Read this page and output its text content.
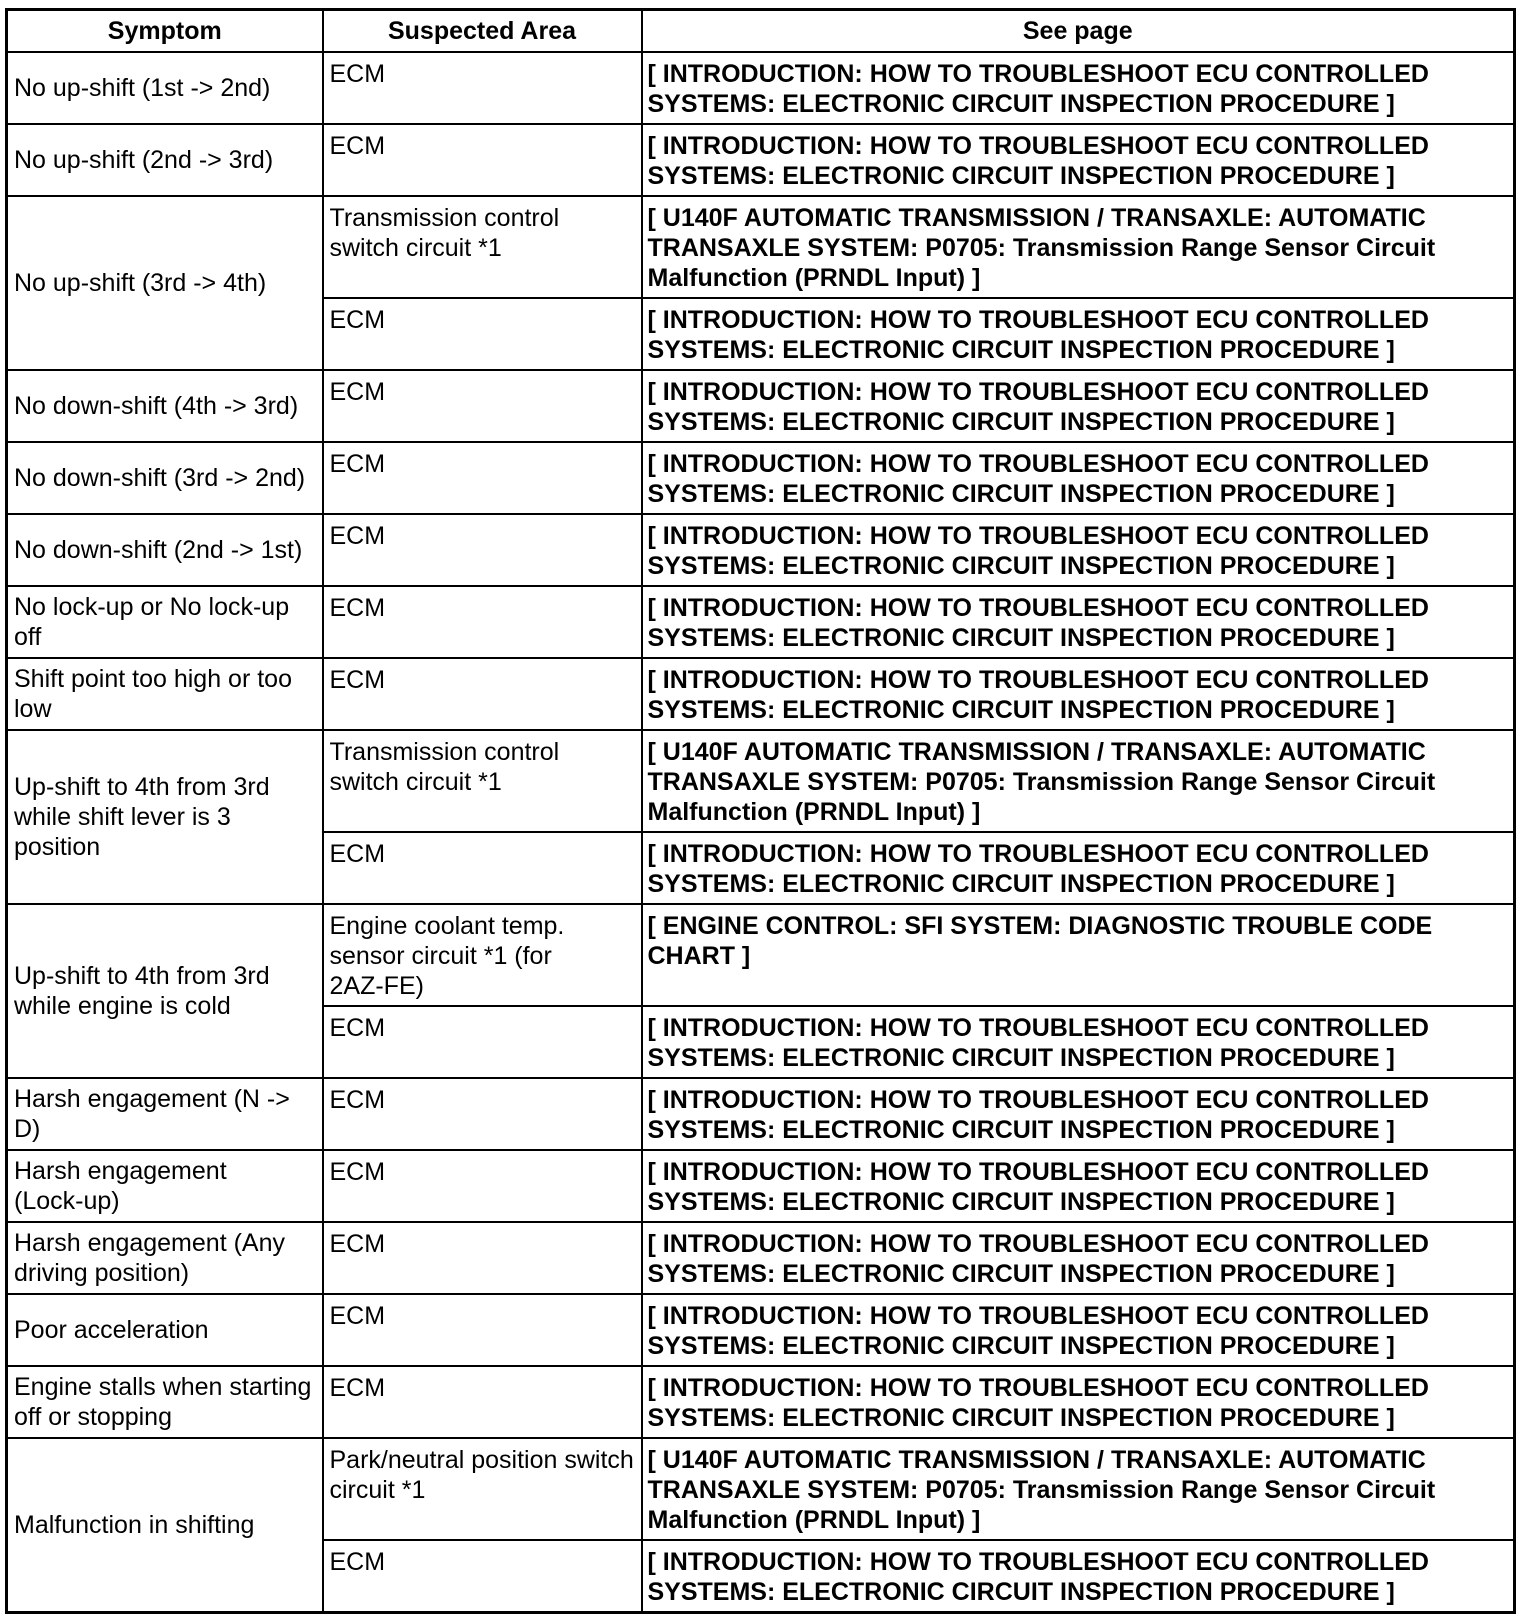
Symptom	Suspected Area	See page
No up-shift (1st -> 2nd)	ECM	[ INTRODUCTION: HOW TO TROUBLESHOOT ECU CONTROLLED
SYSTEMS: ELECTRONIC CIRCUIT INSPECTION PROCEDURE ]
No up-shift (2nd -> 3rd)	ECM	[ INTRODUCTION: HOW TO TROUBLESHOOT ECU CONTROLLED
SYSTEMS: ELECTRONIC CIRCUIT INSPECTION PROCEDURE ]
No up-shift (3rd -> 4th)	Transmission control
switch circuit *1	[ U140F AUTOMATIC TRANSMISSION / TRANSAXLE: AUTOMATIC
TRANSAXLE SYSTEM: P0705: Transmission Range Sensor Circuit
Malfunction (PRNDL Input) ]
	ECM	[ INTRODUCTION: HOW TO TROUBLESHOOT ECU CONTROLLED
SYSTEMS: ELECTRONIC CIRCUIT INSPECTION PROCEDURE ]
No down-shift (4th -> 3rd)	ECM	[ INTRODUCTION: HOW TO TROUBLESHOOT ECU CONTROLLED
SYSTEMS: ELECTRONIC CIRCUIT INSPECTION PROCEDURE ]
No down-shift (3rd -> 2nd)	ECM	[ INTRODUCTION: HOW TO TROUBLESHOOT ECU CONTROLLED
SYSTEMS: ELECTRONIC CIRCUIT INSPECTION PROCEDURE ]
No down-shift (2nd -> 1st)	ECM	[ INTRODUCTION: HOW TO TROUBLESHOOT ECU CONTROLLED
SYSTEMS: ELECTRONIC CIRCUIT INSPECTION PROCEDURE ]
No lock-up or No lock-up
off	ECM	[ INTRODUCTION: HOW TO TROUBLESHOOT ECU CONTROLLED
SYSTEMS: ELECTRONIC CIRCUIT INSPECTION PROCEDURE ]
Shift point too high or too
low	ECM	[ INTRODUCTION: HOW TO TROUBLESHOOT ECU CONTROLLED
SYSTEMS: ELECTRONIC CIRCUIT INSPECTION PROCEDURE ]
Up-shift to 4th from 3rd
while shift lever is 3
position	Transmission control
switch circuit *1	[ U140F AUTOMATIC TRANSMISSION / TRANSAXLE: AUTOMATIC
TRANSAXLE SYSTEM: P0705: Transmission Range Sensor Circuit
Malfunction (PRNDL Input) ]
	ECM	[ INTRODUCTION: HOW TO TROUBLESHOOT ECU CONTROLLED
SYSTEMS: ELECTRONIC CIRCUIT INSPECTION PROCEDURE ]
Up-shift to 4th from 3rd
while engine is cold	Engine coolant temp.
sensor circuit *1 (for
2AZ-FE)	[ ENGINE CONTROL: SFI SYSTEM: DIAGNOSTIC TROUBLE CODE
CHART ]
	ECM	[ INTRODUCTION: HOW TO TROUBLESHOOT ECU CONTROLLED
SYSTEMS: ELECTRONIC CIRCUIT INSPECTION PROCEDURE ]
Harsh engagement (N ->
D)	ECM	[ INTRODUCTION: HOW TO TROUBLESHOOT ECU CONTROLLED
SYSTEMS: ELECTRONIC CIRCUIT INSPECTION PROCEDURE ]
Harsh engagement
(Lock-up)	ECM	[ INTRODUCTION: HOW TO TROUBLESHOOT ECU CONTROLLED
SYSTEMS: ELECTRONIC CIRCUIT INSPECTION PROCEDURE ]
Harsh engagement (Any
driving position)	ECM	[ INTRODUCTION: HOW TO TROUBLESHOOT ECU CONTROLLED
SYSTEMS: ELECTRONIC CIRCUIT INSPECTION PROCEDURE ]
Poor acceleration	ECM	[ INTRODUCTION: HOW TO TROUBLESHOOT ECU CONTROLLED
SYSTEMS: ELECTRONIC CIRCUIT INSPECTION PROCEDURE ]
Engine stalls when starting
off or stopping	ECM	[ INTRODUCTION: HOW TO TROUBLESHOOT ECU CONTROLLED
SYSTEMS: ELECTRONIC CIRCUIT INSPECTION PROCEDURE ]
Malfunction in shifting	Park/neutral position switch
circuit *1	[ U140F AUTOMATIC TRANSMISSION / TRANSAXLE: AUTOMATIC
TRANSAXLE SYSTEM: P0705: Transmission Range Sensor Circuit
Malfunction (PRNDL Input) ]
	ECM	[ INTRODUCTION: HOW TO TROUBLESHOOT ECU CONTROLLED
SYSTEMS: ELECTRONIC CIRCUIT INSPECTION PROCEDURE ]
